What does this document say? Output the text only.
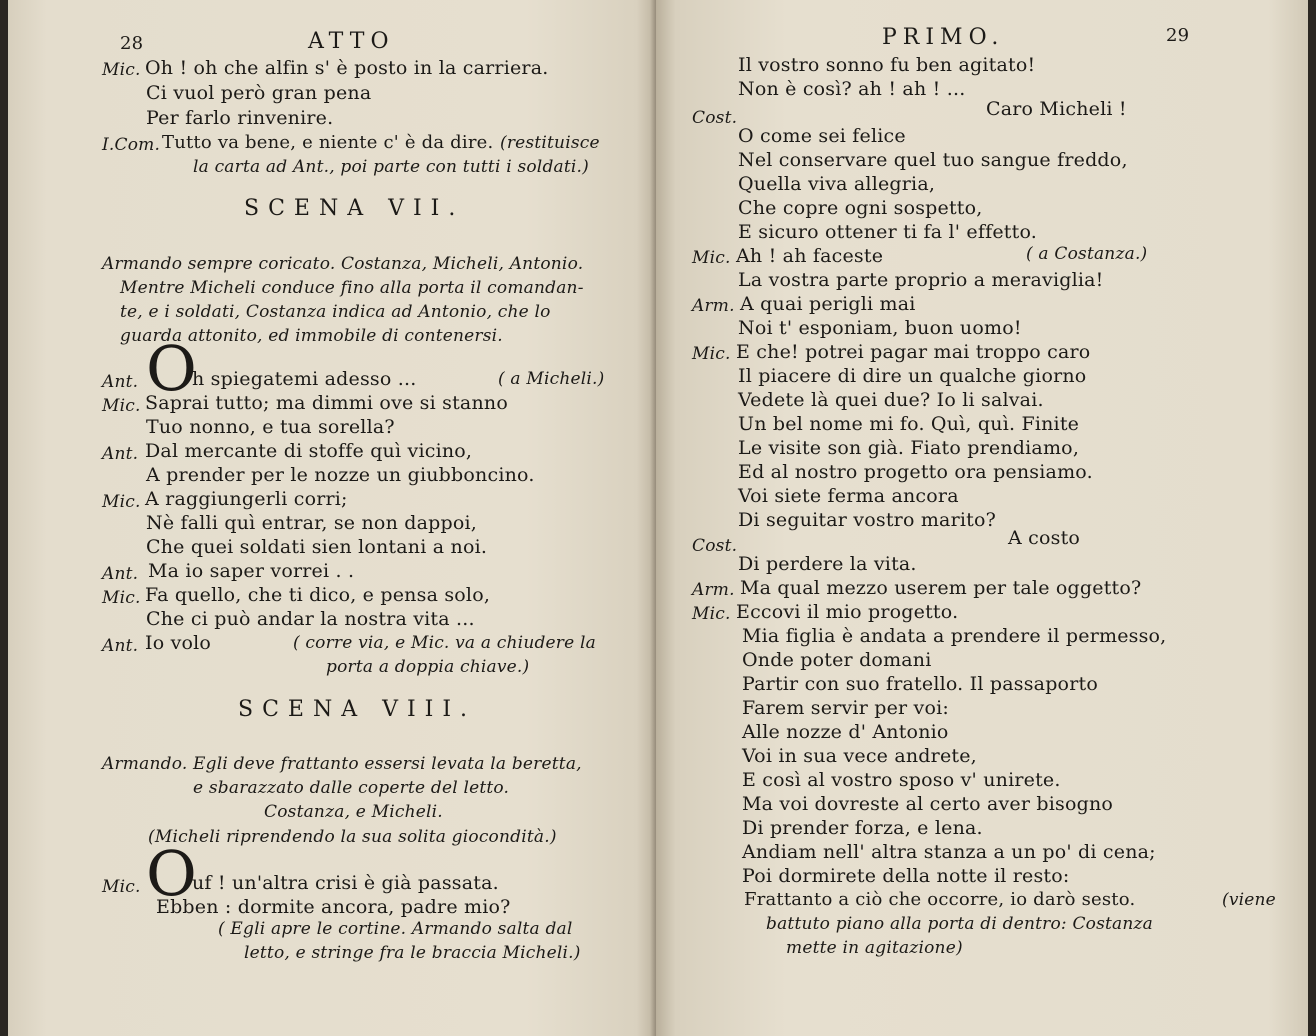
28	ATTO
Mic. Oh ! oh che alfin s' è posto in la carriera.
Ci vuol però gran pena
Per farlo rinvenire.
I.Com. Tutto va bene, e niente c' è da dire. (restituisce
la carta ad Ant., poi parte con tutti i soldati.)
SCENA VII.
Armando sempre coricato. Costanza, Micheli, Antonio.
Mentre Micheli conduce fino alla porta il comandan-
te, e i soldati, Costanza indica ad Antonio, che lo
guarda attonito, ed immobile di contenersi.
Ant. O
h spiegatemi adesso ...	( a Micheli.)
Mic. Saprai tutto; ma dimmi ove si stanno
Tuo nonno, e tua sorella?
Ant. Dal mercante di stoffe quì vicino,
A prender per le nozze un giubboncino.
Mic. A raggiungerli corri;
Nè falli quì entrar, se non dappoi,
Che quei soldati sien lontani a noi.
Ant. Ma io saper vorrei . .
Mic. Fa quello, che ti dico, e pensa solo,
Che ci può andar la nostra vita ...
Ant. Io volo	( corre via, e Mic. va a chiudere la
porta a doppia chiave.)
SCENA VIII.
Armando. Egli deve frattanto essersi levata la beretta,
e sbarazzato dalle coperte del letto.
Costanza, e Micheli.
(Micheli riprendendo la sua solita giocondità.)
Mic. O
uf ! un'altra crisi è già passata.
Ebben : dormite ancora, padre mio?
( Egli apre le cortine. Armando salta dal
letto, e stringe fra le braccia Micheli.)
PRIMO.	29
Il vostro sonno fu ben agitato!
Non è così? ah ! ah ! ...
Caro Micheli !
Cost.
O come sei felice
Nel conservare quel tuo sangue freddo,
Quella viva allegria,
Che copre ogni sospetto,
E sicuro ottener ti fa l' effetto.
Mic. Ah ! ah faceste	( a Costanza.)
La vostra parte proprio a meraviglia!
Arm. A quai perigli mai
Noi t' esponiam, buon uomo!
Mic. E che! potrei pagar mai troppo caro
Il piacere di dire un qualche giorno
Vedete là quei due? Io li salvai.
Un bel nome mi fo. Quì, quì. Finite
Le visite son già. Fiato prendiamo,
Ed al nostro progetto ora pensiamo.
Voi siete ferma ancora
Di seguitar vostro marito?
Cost.	A costo
Di perdere la vita.
Arm. Ma qual mezzo userem per tale oggetto?
Mic. Eccovi il mio progetto.
Mia figlia è andata a prendere il permesso,
Onde poter domani
Partir con suo fratello. Il passaporto
Farem servir per voi:
Alle nozze d' Antonio
Voi in sua vece andrete,
E così al vostro sposo v' unirete.
Ma voi dovreste al certo aver bisogno
Di prender forza, e lena.
Andiam nell' altra stanza a un po' di cena;
Poi dormirete della notte il resto:
Frattanto a ciò che occorre, io darò sesto.	(viene
battuto piano alla porta di dentro: Costanza
mette in agitazione)
